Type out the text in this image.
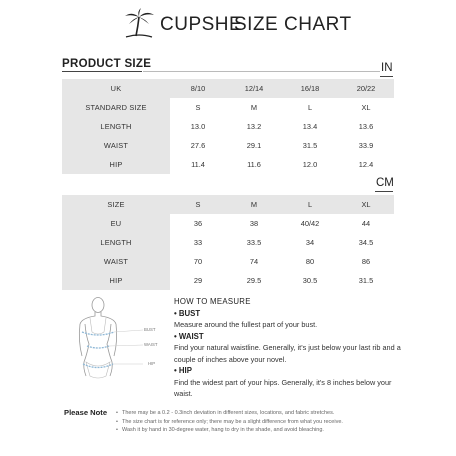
CUPSHE
SIZE CHART
PRODUCT SIZE	IN
UK	8/10	12/14	16/18	20/22
STANDARD SIZE	S	M	L	XL
LENGTH	13.0	13.2	13.4	13.6
WAIST	27.6	29.1	31.5	33.9
HIP	11.4	11.6	12.0	12.4
CM
SIZE	S	M	L	XL
EU	36	38	40/42	44
LENGTH	33	33.5	34	34.5
WAIST	70	74	80	86
HIP	29	29.5	30.5	31.5
BUST
WAIST
HIP
HOW TO MEASURE
• BUST
Measure around the fullest part of your bust.
• WAIST
Find your natural waistline. Generally, it's just below your last rib and a couple of inches above your novel.
• HIP
Find the widest part of your hips. Generally, it's 8 inches below your waist.
Please Note • There may be a 0.2 - 0.3inch deviation in different sizes, locations, and fabric stretches.
• The size chart is for reference only; there may be a slight difference from what you receive.
• Wash it by hand in 30-degree water, hang to dry in the shade, and avoid bleaching.
